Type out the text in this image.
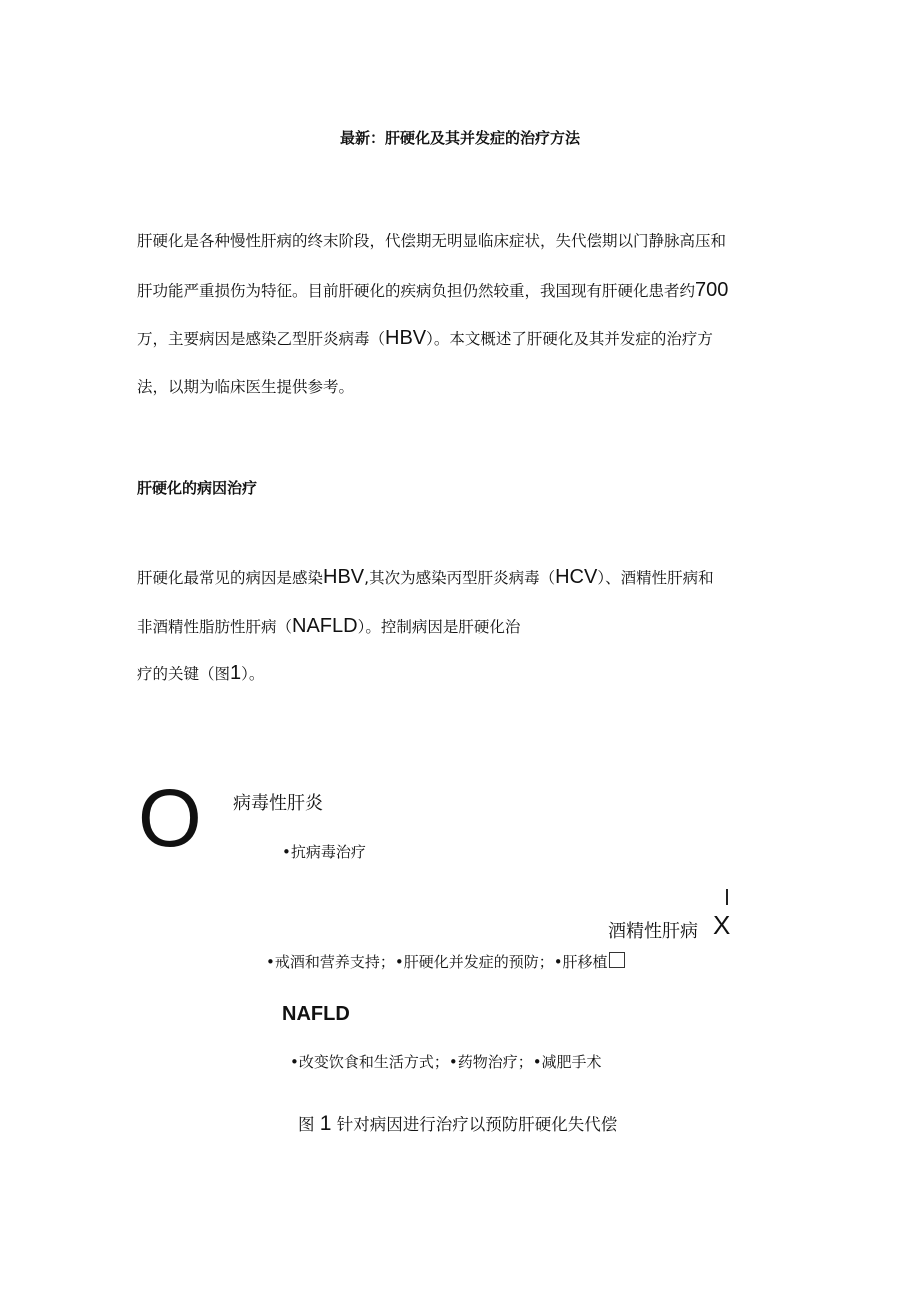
最新：肝硬化及其并发症的治疗方法
肝硬化是各种慢性肝病的终末阶段，代偿期无明显临床症状，失代偿期以门静脉高压和
肝功能严重损伤为特征。目前肝硬化的疾病负担仍然较重，我国现有肝硬化患者约700
万，主要病因是感染乙型肝炎病毒（HBV）。本文概述了肝硬化及其并发症的治疗方
法，以期为临床医生提供参考。
肝硬化的病因治疗
肝硬化最常见的病因是感染HBV,其次为感染丙型肝炎病毒（HCV）、酒精性肝病和
非酒精性脂肪性肝病（NAFLD）。控制病因是肝硬化治
疗的关键（图1）。
O 病毒性肝炎
•抗病毒治疗
酒精性肝病 X
•戒酒和营养支持；•肝硬化并发症的预防；•肝移植
NAFLD
•改变饮食和生活方式；•药物治疗；•减肥手术
图 1 针对病因进行治疗以预防肝硬化失代偿
